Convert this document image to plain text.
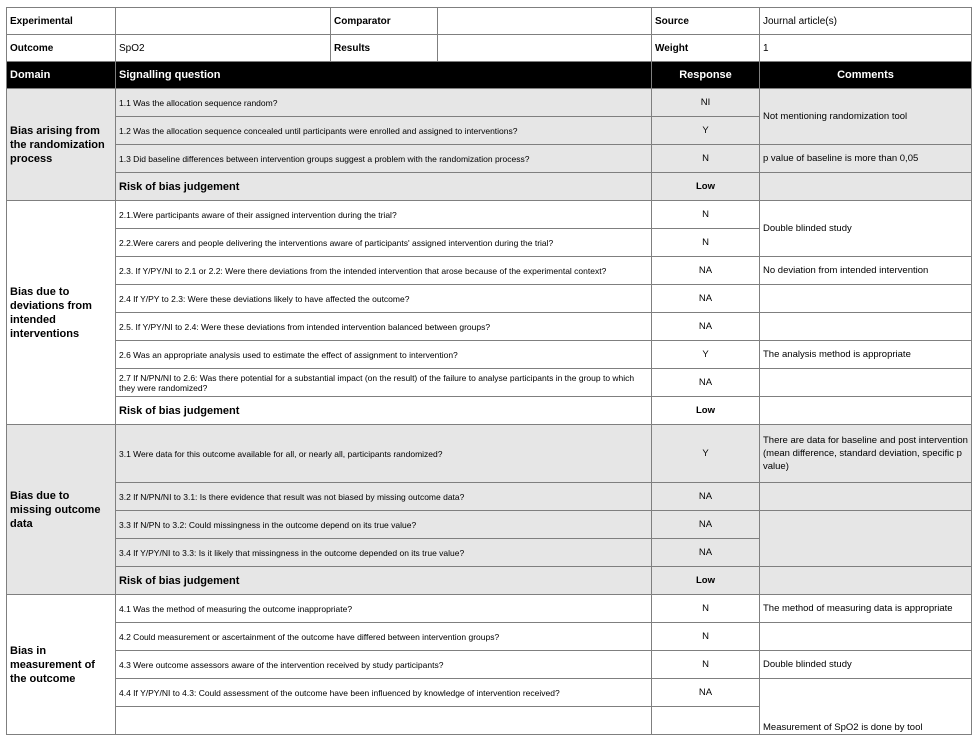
Experimental		Comparator		Source	Journal article(s)
Outcome	SpO2	Results		Weight	1
Domain	Signalling question			Response	Comments
Bias arising from the randomization process	1.1 Was the allocation sequence random?			NI	Not mentioning randomization tool
	1.2 Was the allocation sequence concealed until participants were enrolled and assigned to interventions?			Y	
	1.3 Did baseline differences between intervention groups suggest a problem with the randomization process?			N	p value of baseline is more than 0,05
	Risk of bias judgement			Low	
Bias due to deviations from intended interventions	2.1.Were participants aware of their assigned intervention during the trial?			N	Double blinded study
	2.2.Were carers and people delivering the interventions aware of participants' assigned intervention during the trial?			N	
	2.3. If Y/PY/NI to 2.1 or 2.2: Were there deviations from the intended intervention that arose because of the experimental context?			NA	No deviation from intended intervention
	2.4 If Y/PY to 2.3: Were these deviations likely to have affected the outcome?			NA	
	2.5. If Y/PY/NI to 2.4: Were these deviations from intended intervention balanced between groups?			NA	
	2.6 Was an appropriate analysis used to estimate the effect of assignment to intervention?			Y	The analysis method is appropriate
	2.7 If N/PN/NI to 2.6: Was there potential for a substantial impact (on the result) of the failure to analyse participants in the group to which they were randomized?			NA	
	Risk of bias judgement			Low	
Bias due to missing outcome data	3.1 Were data for this outcome available for all, or nearly all, participants randomized?			Y	There are data for baseline and post intervention (mean difference, standard deviation, specific p value)
	3.2 If N/PN/NI to 3.1: Is there evidence that result was not biased by missing outcome data?			NA	
	3.3 If N/PN to 3.2: Could missingness in the outcome depend on its true value?			NA	
	3.4 If Y/PY/NI to 3.3: Is it likely that missingness in the outcome depended on its true value?			NA	
	Risk of bias judgement			Low	
Bias in measurement of the outcome	4.1 Was the method of measuring the outcome inappropriate?			N	The method of measuring data is appropriate
	4.2 Could measurement or ascertainment of the outcome have differed between intervention groups?			N	
	4.3 Were outcome assessors aware of the intervention received by study participants?			N	Double blinded study
	4.4 If Y/PY/NI to 4.3: Could assessment of the outcome have been influenced by knowledge of intervention received?			NA	Measurement of SpO2 is done by tool
